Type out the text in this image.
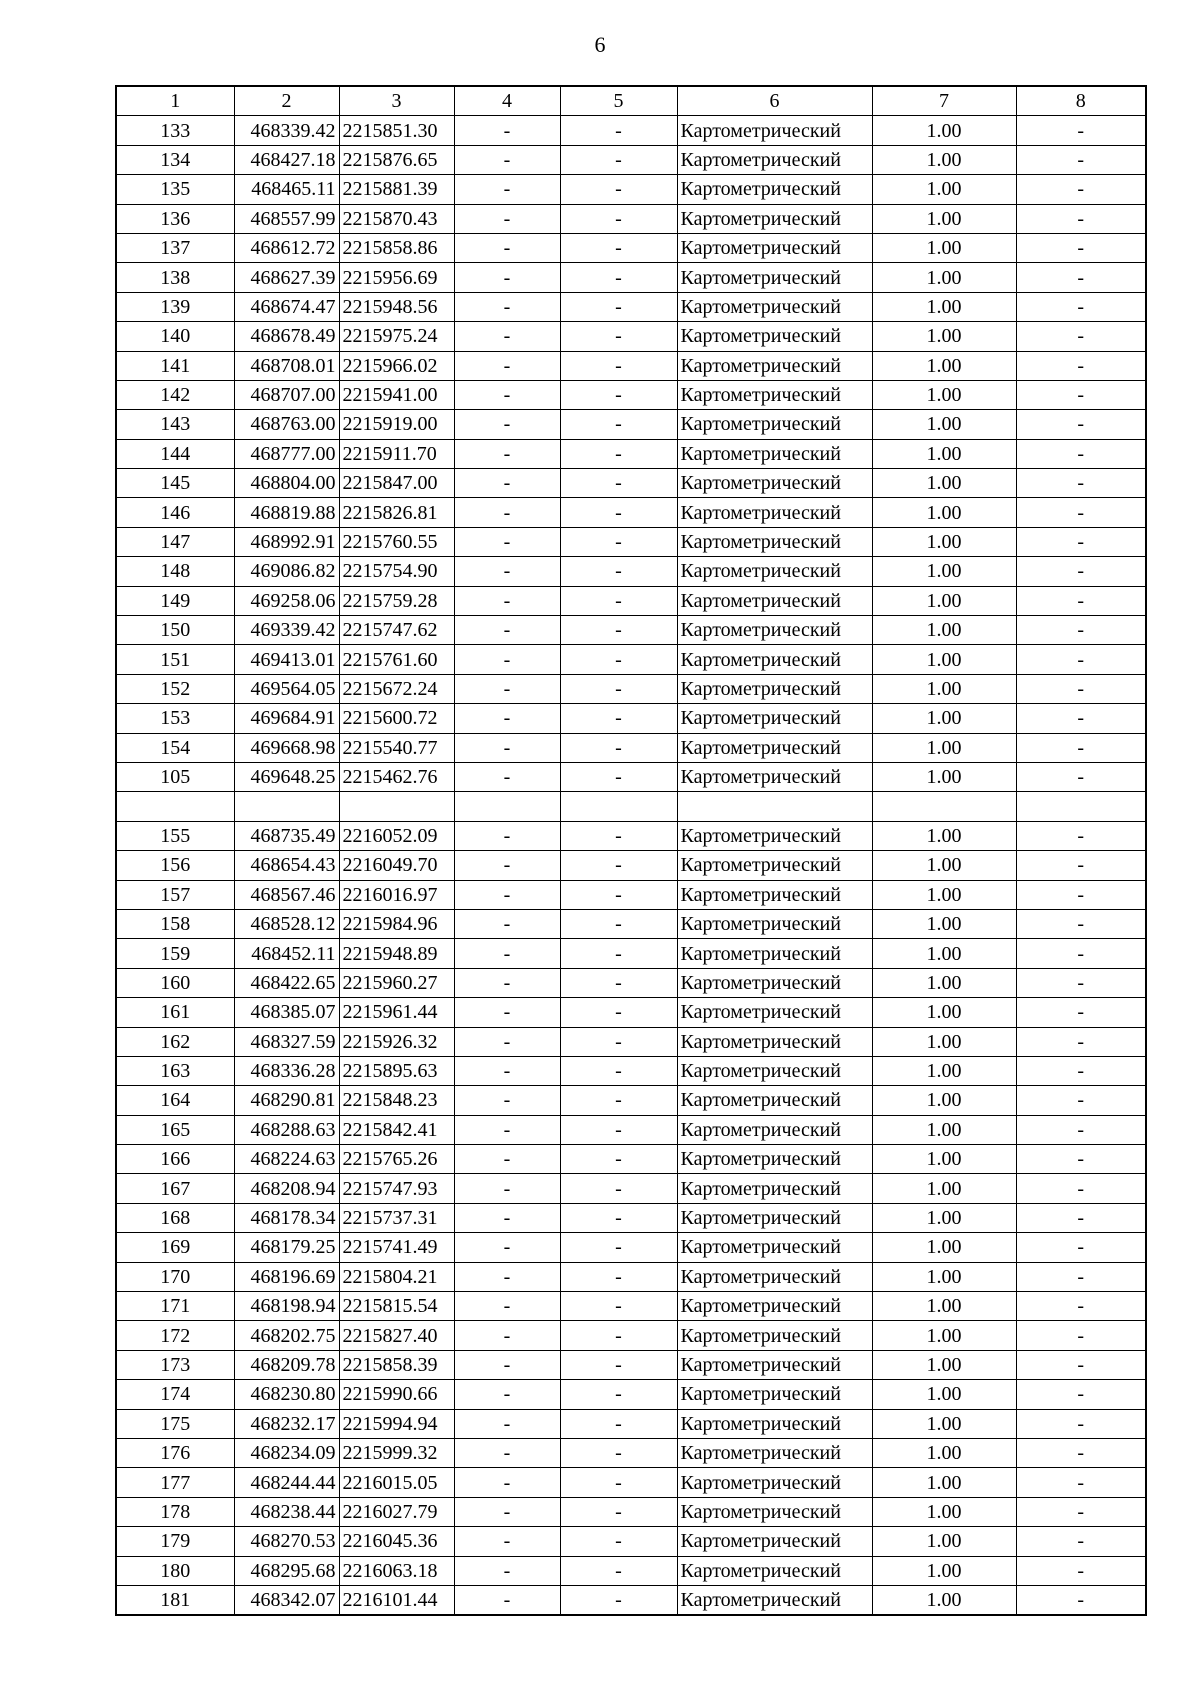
6
1	2	3	4	5	6	7	8
133	468339.42	2215851.30	-	-	Картометрический	1.00	-
134	468427.18	2215876.65	-	-	Картометрический	1.00	-
135	468465.11	2215881.39	-	-	Картометрический	1.00	-
136	468557.99	2215870.43	-	-	Картометрический	1.00	-
137	468612.72	2215858.86	-	-	Картометрический	1.00	-
138	468627.39	2215956.69	-	-	Картометрический	1.00	-
139	468674.47	2215948.56	-	-	Картометрический	1.00	-
140	468678.49	2215975.24	-	-	Картометрический	1.00	-
141	468708.01	2215966.02	-	-	Картометрический	1.00	-
142	468707.00	2215941.00	-	-	Картометрический	1.00	-
143	468763.00	2215919.00	-	-	Картометрический	1.00	-
144	468777.00	2215911.70	-	-	Картометрический	1.00	-
145	468804.00	2215847.00	-	-	Картометрический	1.00	-
146	468819.88	2215826.81	-	-	Картометрический	1.00	-
147	468992.91	2215760.55	-	-	Картометрический	1.00	-
148	469086.82	2215754.90	-	-	Картометрический	1.00	-
149	469258.06	2215759.28	-	-	Картометрический	1.00	-
150	469339.42	2215747.62	-	-	Картометрический	1.00	-
151	469413.01	2215761.60	-	-	Картометрический	1.00	-
152	469564.05	2215672.24	-	-	Картометрический	1.00	-
153	469684.91	2215600.72	-	-	Картометрический	1.00	-
154	469668.98	2215540.77	-	-	Картометрический	1.00	-
105	469648.25	2215462.76	-	-	Картометрический	1.00	-

155	468735.49	2216052.09	-	-	Картометрический	1.00	-
156	468654.43	2216049.70	-	-	Картометрический	1.00	-
157	468567.46	2216016.97	-	-	Картометрический	1.00	-
158	468528.12	2215984.96	-	-	Картометрический	1.00	-
159	468452.11	2215948.89	-	-	Картометрический	1.00	-
160	468422.65	2215960.27	-	-	Картометрический	1.00	-
161	468385.07	2215961.44	-	-	Картометрический	1.00	-
162	468327.59	2215926.32	-	-	Картометрический	1.00	-
163	468336.28	2215895.63	-	-	Картометрический	1.00	-
164	468290.81	2215848.23	-	-	Картометрический	1.00	-
165	468288.63	2215842.41	-	-	Картометрический	1.00	-
166	468224.63	2215765.26	-	-	Картометрический	1.00	-
167	468208.94	2215747.93	-	-	Картометрический	1.00	-
168	468178.34	2215737.31	-	-	Картометрический	1.00	-
169	468179.25	2215741.49	-	-	Картометрический	1.00	-
170	468196.69	2215804.21	-	-	Картометрический	1.00	-
171	468198.94	2215815.54	-	-	Картометрический	1.00	-
172	468202.75	2215827.40	-	-	Картометрический	1.00	-
173	468209.78	2215858.39	-	-	Картометрический	1.00	-
174	468230.80	2215990.66	-	-	Картометрический	1.00	-
175	468232.17	2215994.94	-	-	Картометрический	1.00	-
176	468234.09	2215999.32	-	-	Картометрический	1.00	-
177	468244.44	2216015.05	-	-	Картометрический	1.00	-
178	468238.44	2216027.79	-	-	Картометрический	1.00	-
179	468270.53	2216045.36	-	-	Картометрический	1.00	-
180	468295.68	2216063.18	-	-	Картометрический	1.00	-
181	468342.07	2216101.44	-	-	Картометрический	1.00	-
